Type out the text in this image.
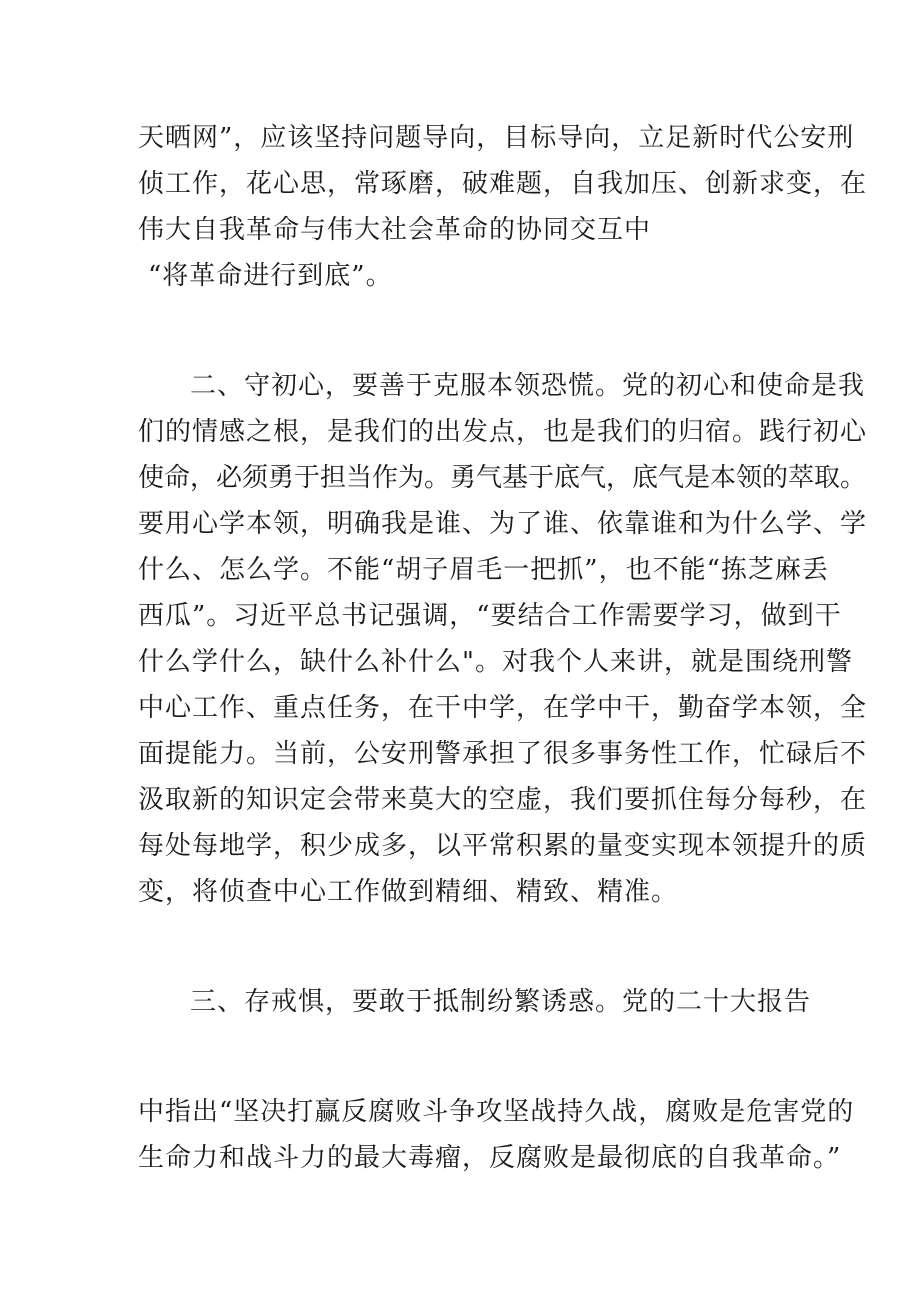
天晒网”，应该坚持问题导向，目标导向，立足新时代公安刑

侦工作，花心思，常琢磨，破难题，自我加压、创新求变，在

伟大自我革命与伟大社会革命的协同交互中

“将革命进行到底”。

二、守初心，要善于克服本领恐慌。党的初心和使命是我

们的情感之根，是我们的出发点，也是我们的归宿。践行初心

使命，必须勇于担当作为。勇气基于底气，底气是本领的萃取。

要用心学本领，明确我是谁、为了谁、依靠谁和为什么学、学

什么、怎么学。不能“胡子眉毛一把抓”，也不能“拣芝麻丢

西瓜”。习近平总书记强调，“要结合工作需要学习，做到干

什么学什么，缺什么补什么"。对我个人来讲，就是围绕刑警

中心工作、重点任务，在干中学，在学中干，勤奋学本领，全

面提能力。当前，公安刑警承担了很多事务性工作，忙碌后不

汲取新的知识定会带来莫大的空虚，我们要抓住每分每秒，在

每处每地学，积少成多，以平常积累的量变实现本领提升的质

变，将侦查中心工作做到精细、精致、精准。

三、存戒惧，要敢于抵制纷繁诱惑。党的二十大报告

中指出“坚决打赢反腐败斗争攻坚战持久战，腐败是危害党的

生命力和战斗力的最大毒瘤，反腐败是最彻底的自我革命。”
